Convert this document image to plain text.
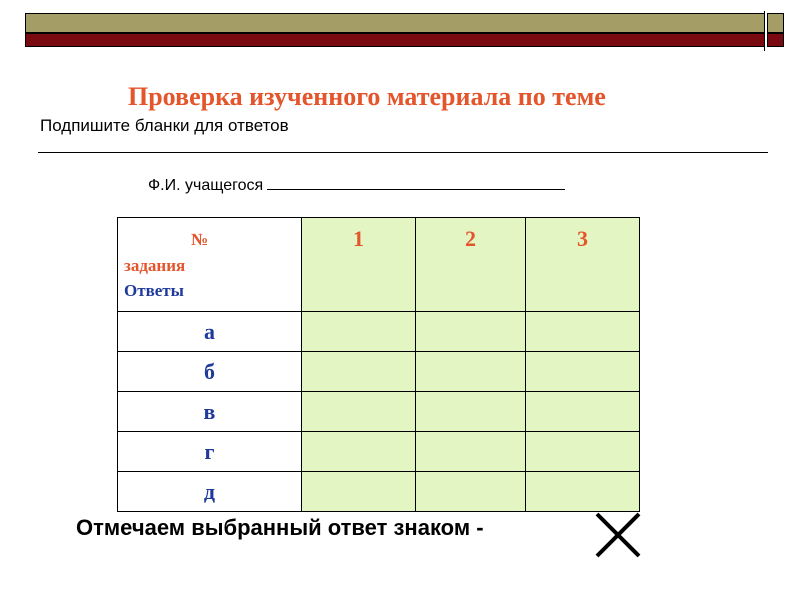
Проверка изученного материала по теме
Подпишите бланки для ответов
Ф.И. учащегося
№
задания
Ответы	1	2	3
а			
б			
в			
г			
д			
Отмечаем выбранный ответ знаком -
